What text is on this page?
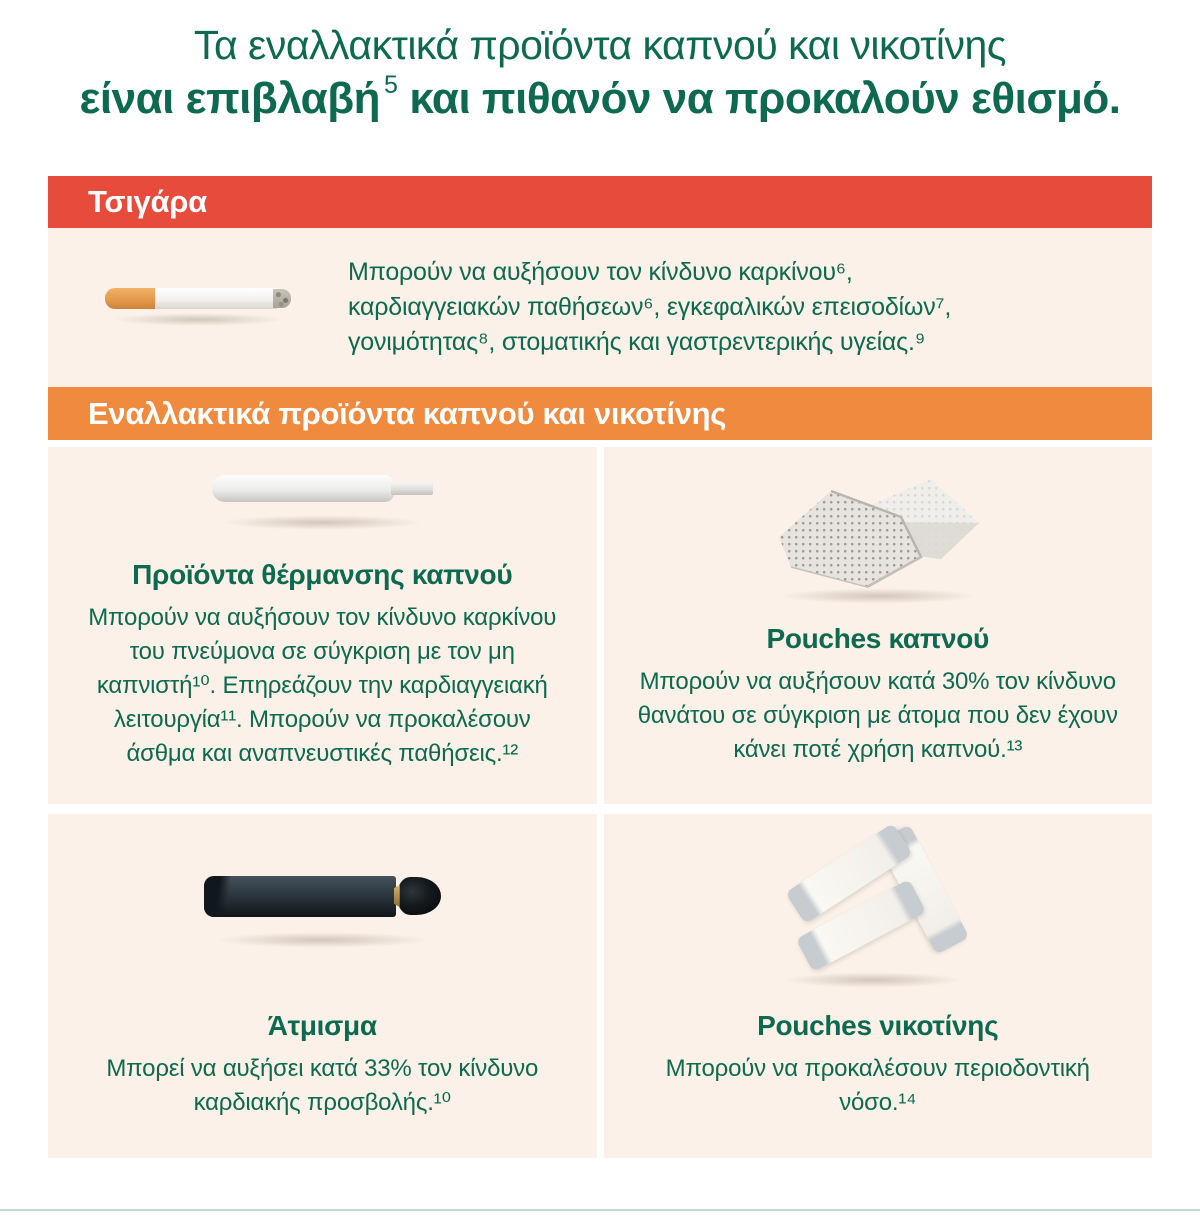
Τα εναλλακτικά προϊόντα καπνού και νικοτίνης
είναι επιβλαβή $^5$ και πιθανόν να προκαλούν εθισμό.
Τσιγάρα
Μπορούν να αυξήσουν τον κίνδυνο καρκίνου⁶, καρδιαγγειακών παθήσεων⁶, εγκεφαλικών επεισοδίων⁷, γονιμότητας⁸, στοματικής και γαστρεντερικής υγείας.⁹
Εναλλακτικά προϊόντα καπνού και νικοτίνης
Προϊόντα θέρμανσης καπνού

Μπορούν να αυξήσουν τον κίνδυνο καρκίνου του πνεύμονα σε σύγκριση με τον μη καπνιστή¹⁰. Επηρεάζουν την καρδιαγγειακή λειτουργία¹¹. Μπορούν να προκαλέσουν άσθμα και αναπνευστικές παθήσεις.¹²

Pouches καπνού

Μπορούν να αυξήσουν κατά 30% τον κίνδυνο θανάτου σε σύγκριση με άτομα που δεν έχουν κάνει ποτέ χρήση καπνού.¹³

Άτμισμα

Μπορεί να αυξήσει κατά 33% τον κίνδυνο καρδιακής προσβολής.¹⁰

Pouches νικοτίνης

Μπορούν να προκαλέσουν περιοδοντική νόσο.¹⁴
